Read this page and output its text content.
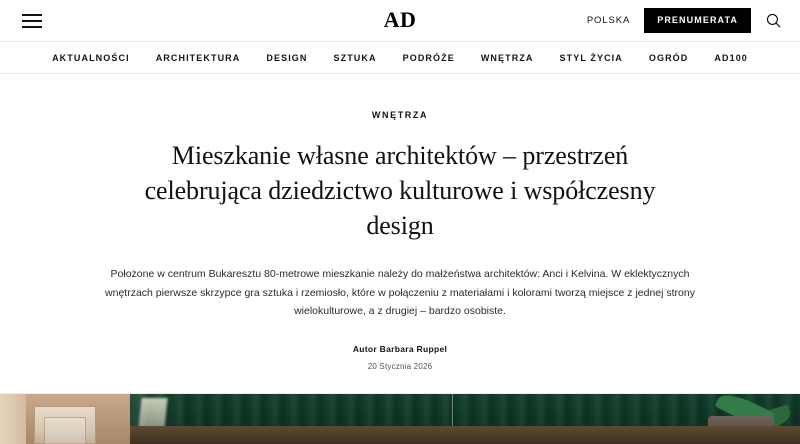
AD	POLSKA	PRENUMERATA
AKTUALNOŚCI	ARCHITEKTURA	DESIGN	SZTUKA	PODRÓŻE	WNĘTRZA	STYL ŻYCIA	OGRÓD	AD100
WNĘTRZA
Mieszkanie własne architektów – przestrzeń celebrująca dziedzictwo kulturowe i współczesny design

Położone w centrum Bukaresztu 80-metrowe mieszkanie należy do małżeństwa architektów: Anci i Kelvina. W eklektycznych wnętrzach pierwsze skrzypce gra sztuka i rzemiosło, które w połączeniu z materiałami i kolorami tworzą miejsce z jednej strony wielokulturowe, a z drugiej – bardzo osobiste.

Autor Barbara Ruppel
20 Stycznia 2026
